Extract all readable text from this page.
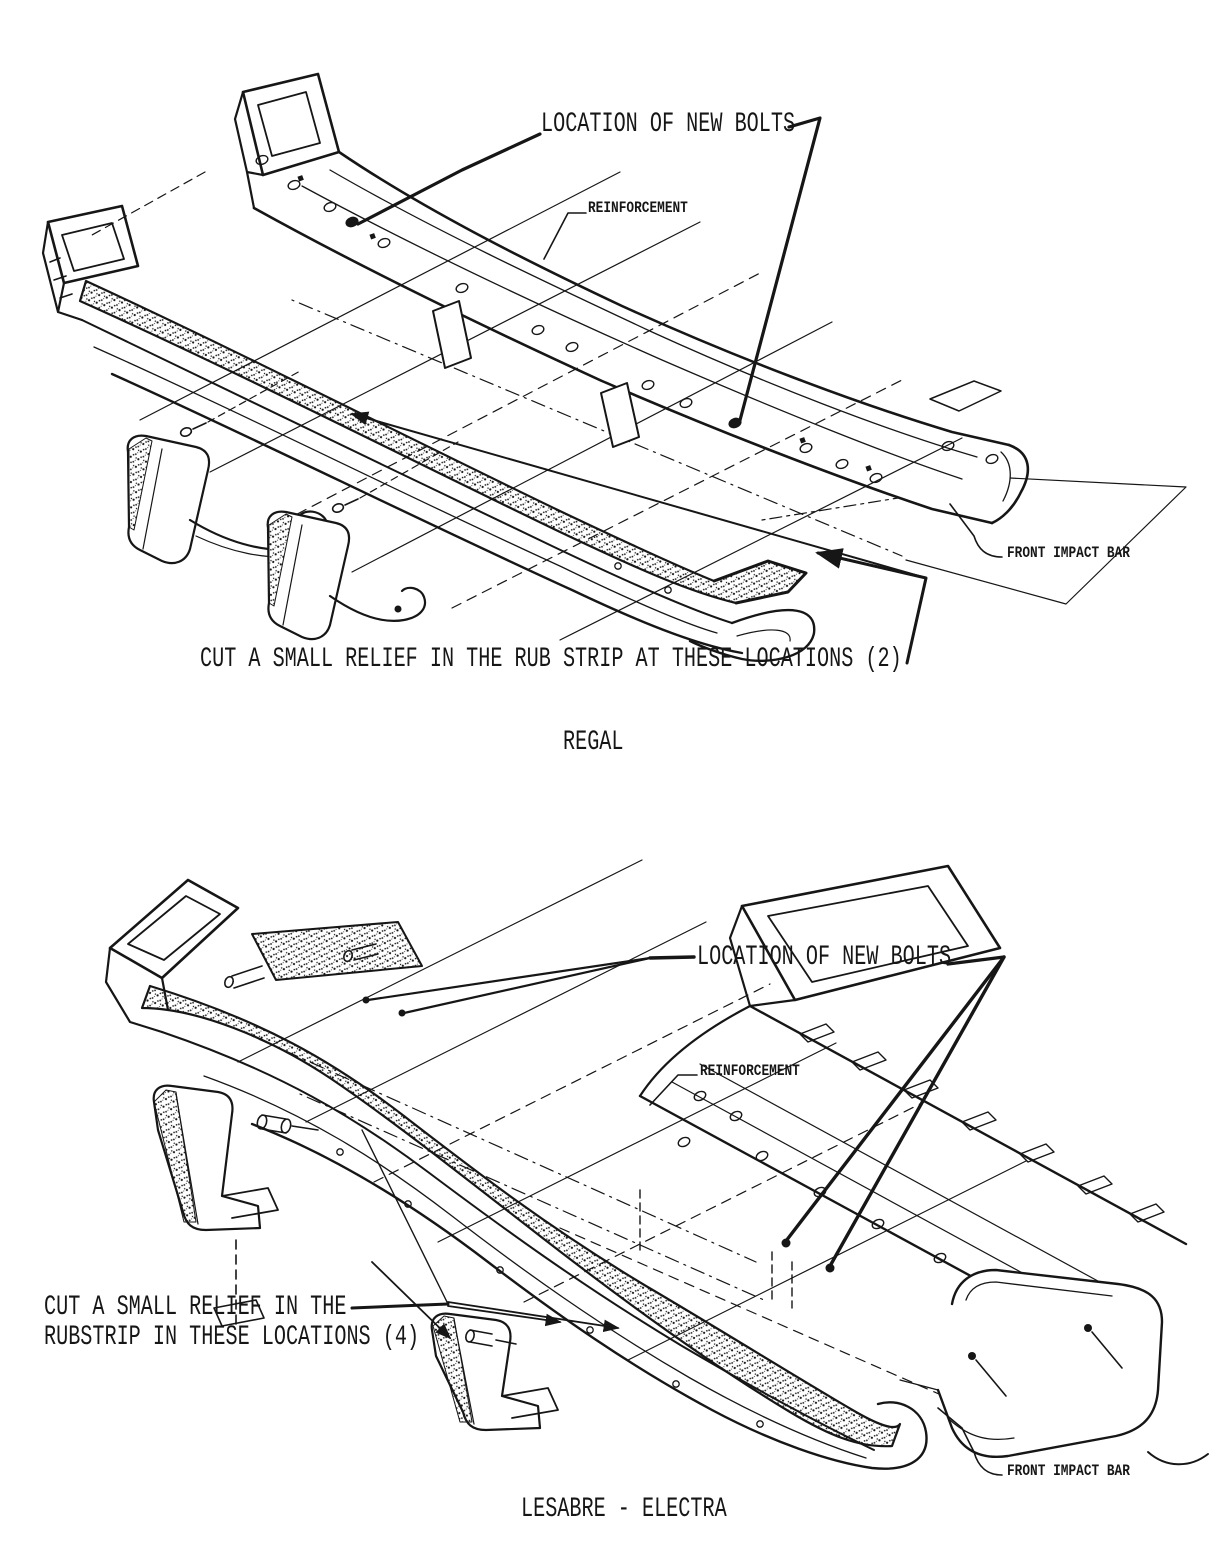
LOCATION OF NEW BOLTS
REINFORCEMENT
FRONT IMPACT BAR
CUT A SMALL RELIEF IN THE RUB STRIP AT THESE LOCATIONS (2)
REGAL
LOCATION OF NEW BOLTS
REINFORCEMENT
CUT A SMALL RELIEF IN THE
RUBSTRIP IN THESE LOCATIONS (4)
FRONT IMPACT BAR
LESABRE - ELECTRA
